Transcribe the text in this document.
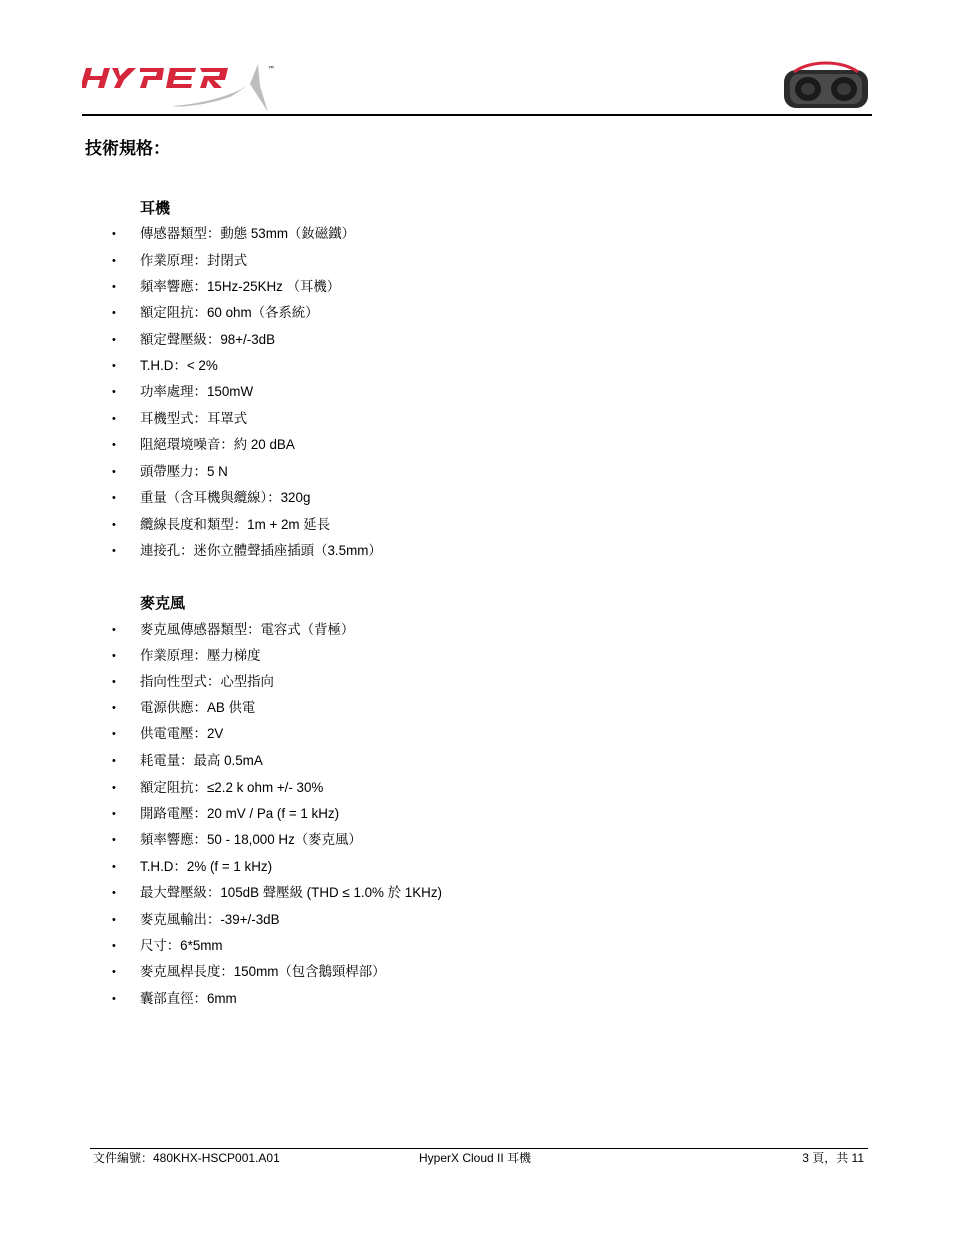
™
技術規格：
耳機
• 傳感器類型：動態 53mm（釹磁鐵）
• 作業原理：封閉式
• 頻率響應：15Hz-25KHz （耳機）
• 額定阻抗：60 ohm（各系統）
• 額定聲壓級：98+/-3dB
• T.H.D：< 2%
• 功率處理：150mW
• 耳機型式：耳罩式
• 阻絕環境噪音：約 20 dBA
• 頭帶壓力：5 N
• 重量（含耳機與纜線）：320g
• 纜線長度和類型：1m + 2m 延長
• 連接孔：迷你立體聲插座插頭（3.5mm）
麥克風
• 麥克風傳感器類型：電容式（背極）
• 作業原理：壓力梯度
• 指向性型式：心型指向
• 電源供應：AB 供電
• 供電電壓：2V
• 耗電量：最高 0.5mA
• 額定阻抗：≤2.2 k ohm +/- 30%
• 開路電壓：20 mV / Pa (f = 1 kHz)
• 頻率響應：50 - 18,000 Hz（麥克風）
• T.H.D：2% (f = 1 kHz)
• 最大聲壓級：105dB 聲壓級 (THD ≤ 1.0% 於 1KHz)
• 麥克風輸出：-39+/-3dB
• 尺寸：6*5mm
• 麥克風桿長度：150mm（包含鵝頸桿部）
• 囊部直徑：6mm
文件編號：480KHX-HSCP001.A01	HyperX Cloud II 耳機	3 頁，共 11
